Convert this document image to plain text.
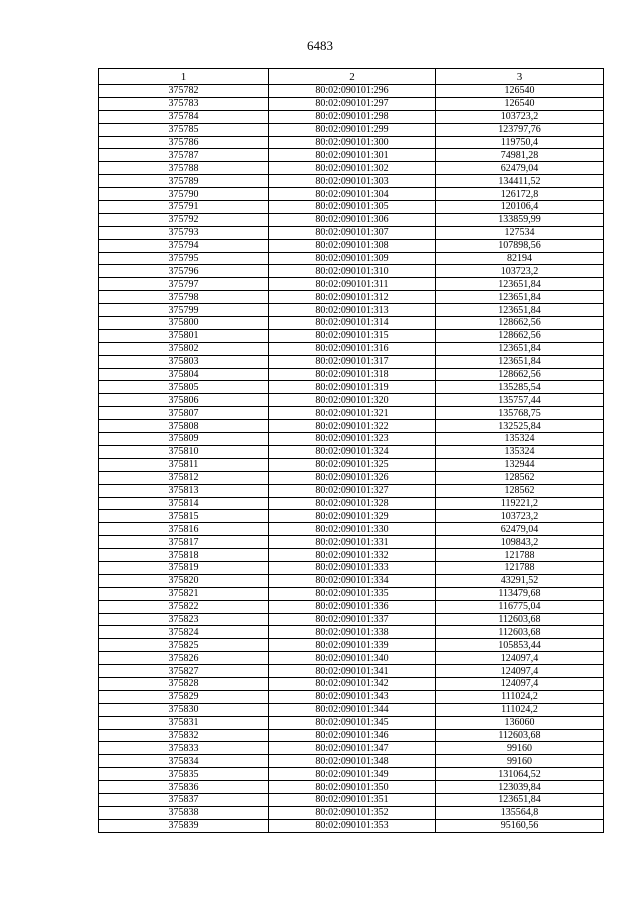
6483
1	2	3
375782	80:02:090101:296	126540
375783	80:02:090101:297	126540
375784	80:02:090101:298	103723,2
375785	80:02:090101:299	123797,76
375786	80:02:090101:300	119750,4
375787	80:02:090101:301	74981,28
375788	80:02:090101:302	62479,04
375789	80:02:090101:303	134411,52
375790	80:02:090101:304	126172,8
375791	80:02:090101:305	120106,4
375792	80:02:090101:306	133859,99
375793	80:02:090101:307	127534
375794	80:02:090101:308	107898,56
375795	80:02:090101:309	82194
375796	80:02:090101:310	103723,2
375797	80:02:090101:311	123651,84
375798	80:02:090101:312	123651,84
375799	80:02:090101:313	123651,84
375800	80:02:090101:314	128662,56
375801	80:02:090101:315	128662,56
375802	80:02:090101:316	123651,84
375803	80:02:090101:317	123651,84
375804	80:02:090101:318	128662,56
375805	80:02:090101:319	135285,54
375806	80:02:090101:320	135757,44
375807	80:02:090101:321	135768,75
375808	80:02:090101:322	132525,84
375809	80:02:090101:323	135324
375810	80:02:090101:324	135324
375811	80:02:090101:325	132944
375812	80:02:090101:326	128562
375813	80:02:090101:327	128562
375814	80:02:090101:328	119221,2
375815	80:02:090101:329	103723,2
375816	80:02:090101:330	62479,04
375817	80:02:090101:331	109843,2
375818	80:02:090101:332	121788
375819	80:02:090101:333	121788
375820	80:02:090101:334	43291,52
375821	80:02:090101:335	113479,68
375822	80:02:090101:336	116775,04
375823	80:02:090101:337	112603,68
375824	80:02:090101:338	112603,68
375825	80:02:090101:339	105853,44
375826	80:02:090101:340	124097,4
375827	80:02:090101:341	124097,4
375828	80:02:090101:342	124097,4
375829	80:02:090101:343	111024,2
375830	80:02:090101:344	111024,2
375831	80:02:090101:345	136060
375832	80:02:090101:346	112603,68
375833	80:02:090101:347	99160
375834	80:02:090101:348	99160
375835	80:02:090101:349	131064,52
375836	80:02:090101:350	123039,84
375837	80:02:090101:351	123651,84
375838	80:02:090101:352	135564,8
375839	80:02:090101:353	95160,56
